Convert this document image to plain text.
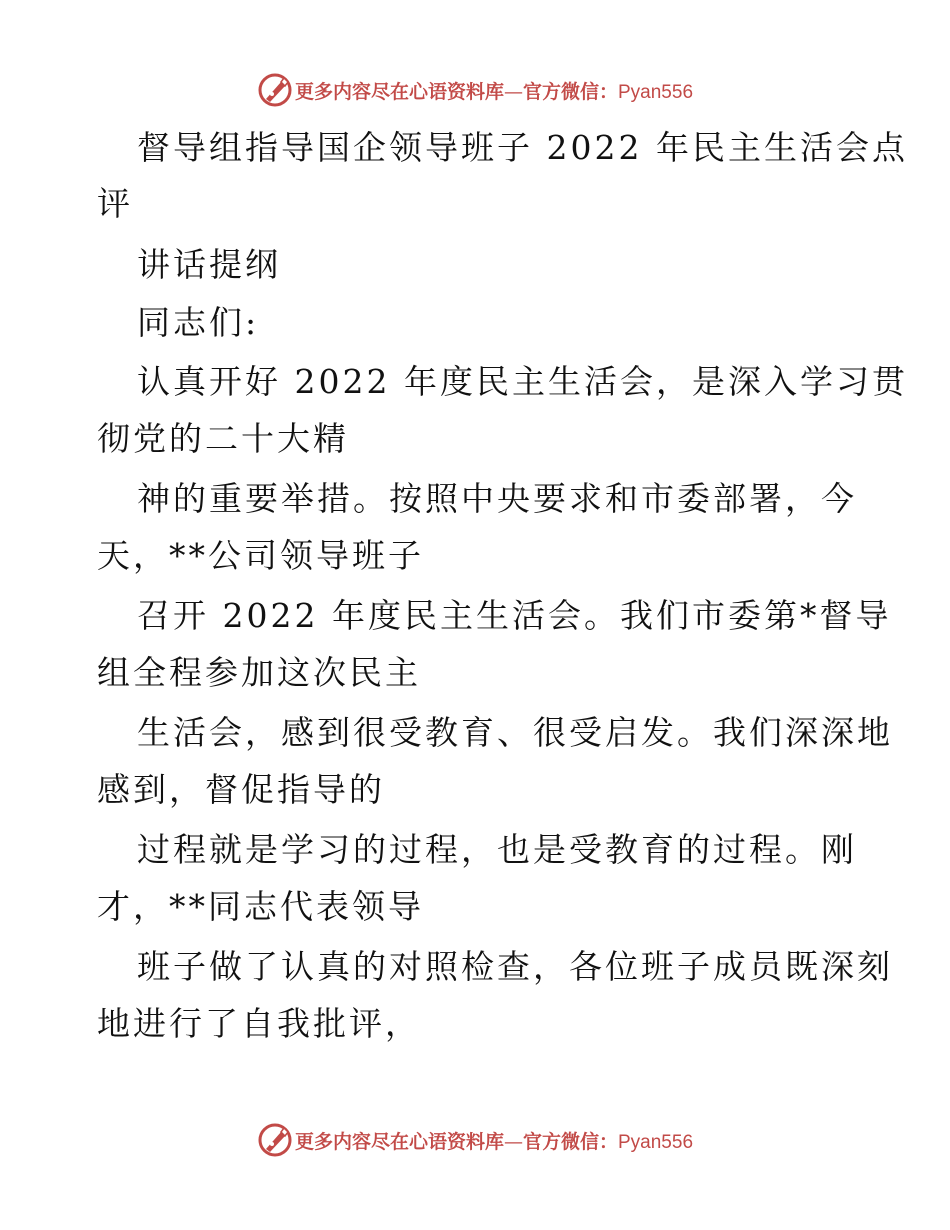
更多内容尽在心语资料库—官方微信：Pyan556
督导组指导国企领导班子 2022 年民主生活会点
评
讲话提纲
同志们:
认真开好 2022 年度民主生活会，是深入学习贯
彻党的二十大精
神的重要举措。按照中央要求和市委部署，今
天，**公司领导班子
召开 2022 年度民主生活会。我们市委第*督导
组全程参加这次民主
生活会，感到很受教育、很受启发。我们深深地
感到，督促指导的
过程就是学习的过程，也是受教育的过程。刚
才，**同志代表领导
班子做了认真的对照检查，各位班子成员既深刻
地进行了自我批评，
更多内容尽在心语资料库—官方微信：Pyan556
